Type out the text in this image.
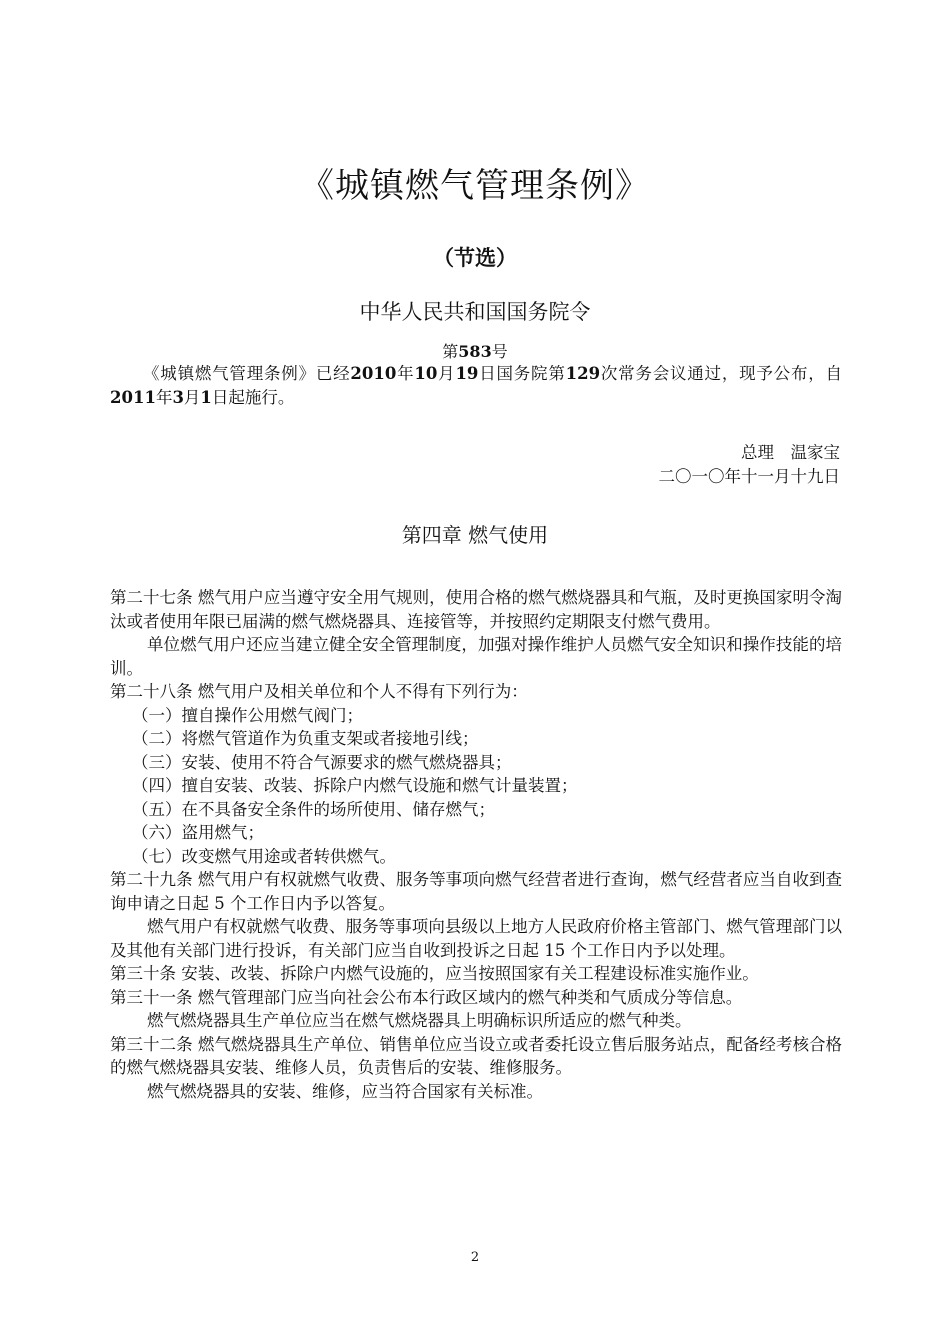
《城镇燃气管理条例》
（节选）
中华人民共和国国务院令
第583号
《城镇燃气管理条例》已经2010年10月19日国务院第129次常务会议通过，现予公布，自2011年3月1日起施行。
总理　温家宝
二〇一〇年十一月十九日
第四章 燃气使用

第二十七条 燃气用户应当遵守安全用气规则，使用合格的燃气燃烧器具和气瓶，及时更换国家明令淘汰或者使用年限已届满的燃气燃烧器具、连接管等，并按照约定期限支付燃气费用。

单位燃气用户还应当建立健全安全管理制度，加强对操作维护人员燃气安全知识和操作技能的培训。

第二十八条 燃气用户及相关单位和个人不得有下列行为：

（一）擅自操作公用燃气阀门；

（二）将燃气管道作为负重支架或者接地引线；

（三）安装、使用不符合气源要求的燃气燃烧器具；

（四）擅自安装、改装、拆除户内燃气设施和燃气计量装置；

（五）在不具备安全条件的场所使用、储存燃气；

（六）盗用燃气；

（七）改变燃气用途或者转供燃气。

第二十九条 燃气用户有权就燃气收费、服务等事项向燃气经营者进行查询，燃气经营者应当自收到查询申请之日起 5 个工作日内予以答复。

燃气用户有权就燃气收费、服务等事项向县级以上地方人民政府价格主管部门、燃气管理部门以及其他有关部门进行投诉，有关部门应当自收到投诉之日起 15 个工作日内予以处理。

第三十条 安装、改装、拆除户内燃气设施的，应当按照国家有关工程建设标准实施作业。

第三十一条 燃气管理部门应当向社会公布本行政区域内的燃气种类和气质成分等信息。

燃气燃烧器具生产单位应当在燃气燃烧器具上明确标识所适应的燃气种类。

第三十二条 燃气燃烧器具生产单位、销售单位应当设立或者委托设立售后服务站点，配备经考核合格的燃气燃烧器具安装、维修人员，负责售后的安装、维修服务。

燃气燃烧器具的安装、维修，应当符合国家有关标准。

2
